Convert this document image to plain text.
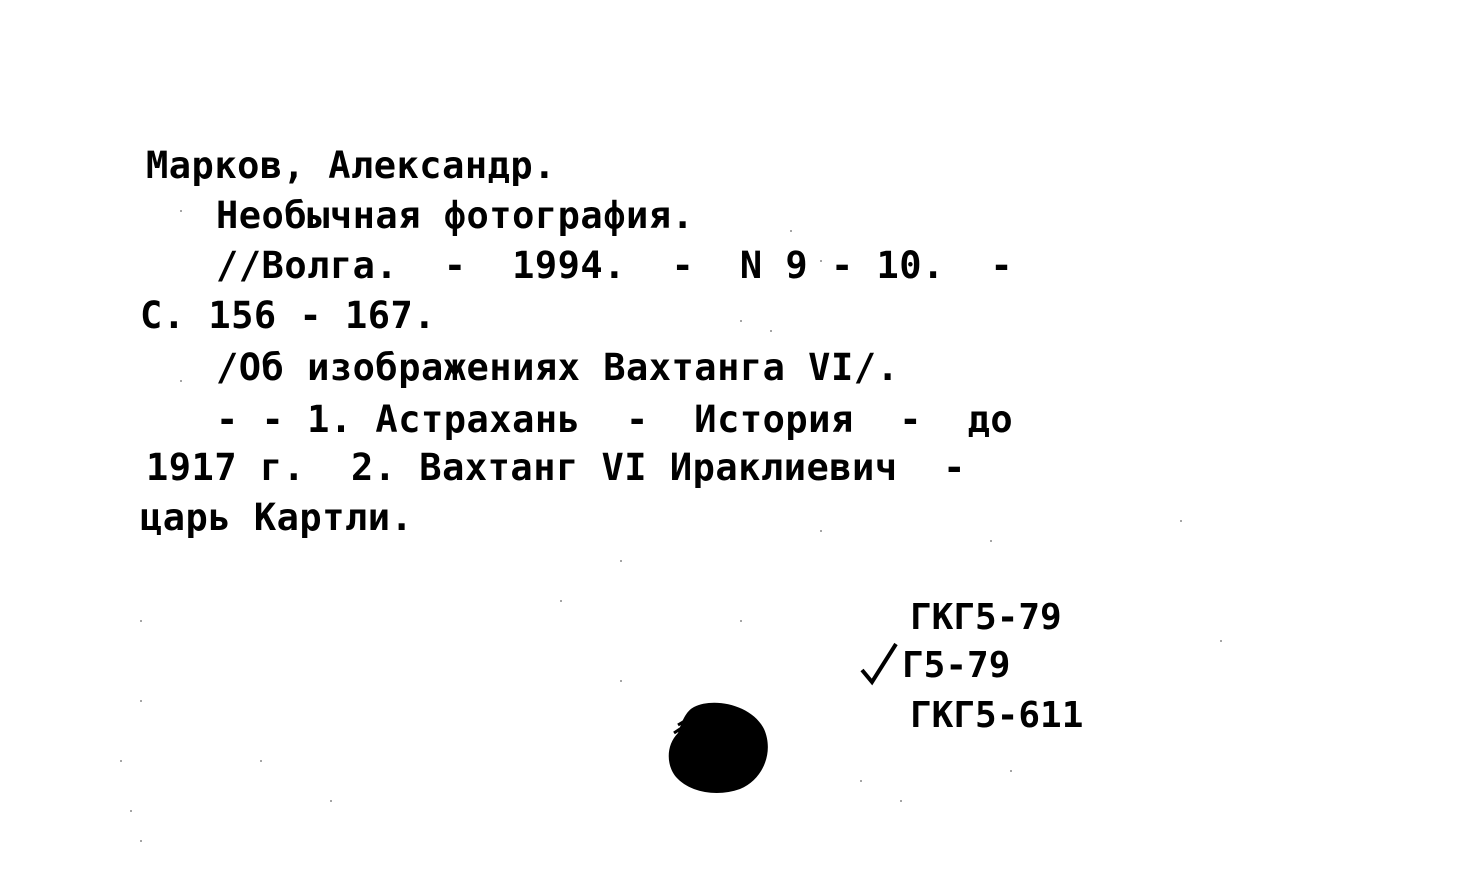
Марков, Александр.
Необычная фотография.
//Волга.  -  1994.  -  N 9 - 10.  -
С. 156 - 167.
/Об изображениях Вахтанга VI/.
- - 1. Астрахань  -  История  -  до
1917 г.  2. Вахтанг VI Ираклиевич  -
царь Картли.
ГКГ5-79
Г5-79
ГКГ5-611
